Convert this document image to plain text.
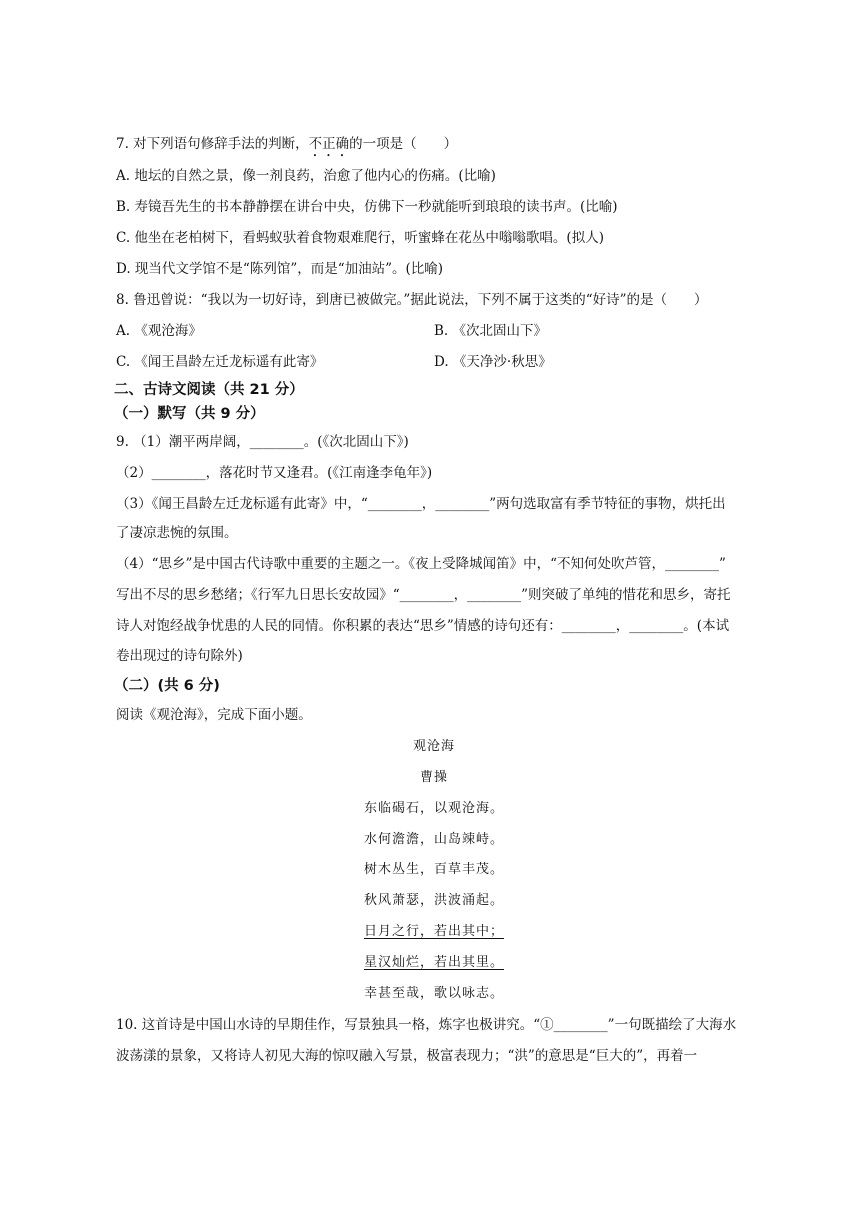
7. 对下列语句修辞手法的判断，不正确的一项是（　　）
A. 地坛的自然之景，像一剂良药，治愈了他内心的伤痛。(比喻)
B. 寿镜吾先生的书本静静摆在讲台中央，仿佛下一秒就能听到琅琅的读书声。(比喻)
C. 他坐在老柏树下，看蚂蚁驮着食物艰难爬行，听蜜蜂在花丛中嗡嗡歌唱。(拟人)
D. 现当代文学馆不是“陈列馆”，而是“加油站”。(比喻)
8. 鲁迅曾说：“我以为一切好诗，到唐已被做完。”据此说法，下列不属于这类的“好诗”的是（　　）
A. 《观沧海》	B. 《次北固山下》
C. 《闻王昌龄左迁龙标遥有此寄》	D. 《天净沙·秋思》
二、古诗文阅读（共 21 分）
（一）默写（共 9 分）
9. （1）潮平两岸阔，________。(《次北固山下》)
（2）________，落花时节又逢君。(《江南逢李龟年》)
（3）《闻王昌龄左迁龙标遥有此寄》中，“________，________”两句选取富有季节特征的事物，烘托出
了凄凉悲惋的氛围。
（4）“思乡”是中国古代诗歌中重要的主题之一。《夜上受降城闻笛》中，“不知何处吹芦管，________”
写出不尽的思乡愁绪；《行军九日思长安故园》“________，________”则突破了单纯的惜花和思乡，寄托
诗人对饱经战争忧患的人民的同情。你积累的表达“思乡”情感的诗句还有：________，________。(本试
卷出现过的诗句除外)
（二）(共 6 分)
阅读《观沧海》，完成下面小题。
观沧海
曹操
东临碣石，以观沧海。
水何澹澹，山岛竦峙。
树木丛生，百草丰茂。
秋风萧瑟，洪波涌起。
日月之行，若出其中；
星汉灿烂，若出其里。
幸甚至哉，歌以咏志。
10. 这首诗是中国山水诗的早期佳作，写景独具一格，炼字也极讲究。“①________”一句既描绘了大海水
波荡漾的景象，又将诗人初见大海的惊叹融入写景，极富表现力；“洪”的意思是“巨大的”，再着一
